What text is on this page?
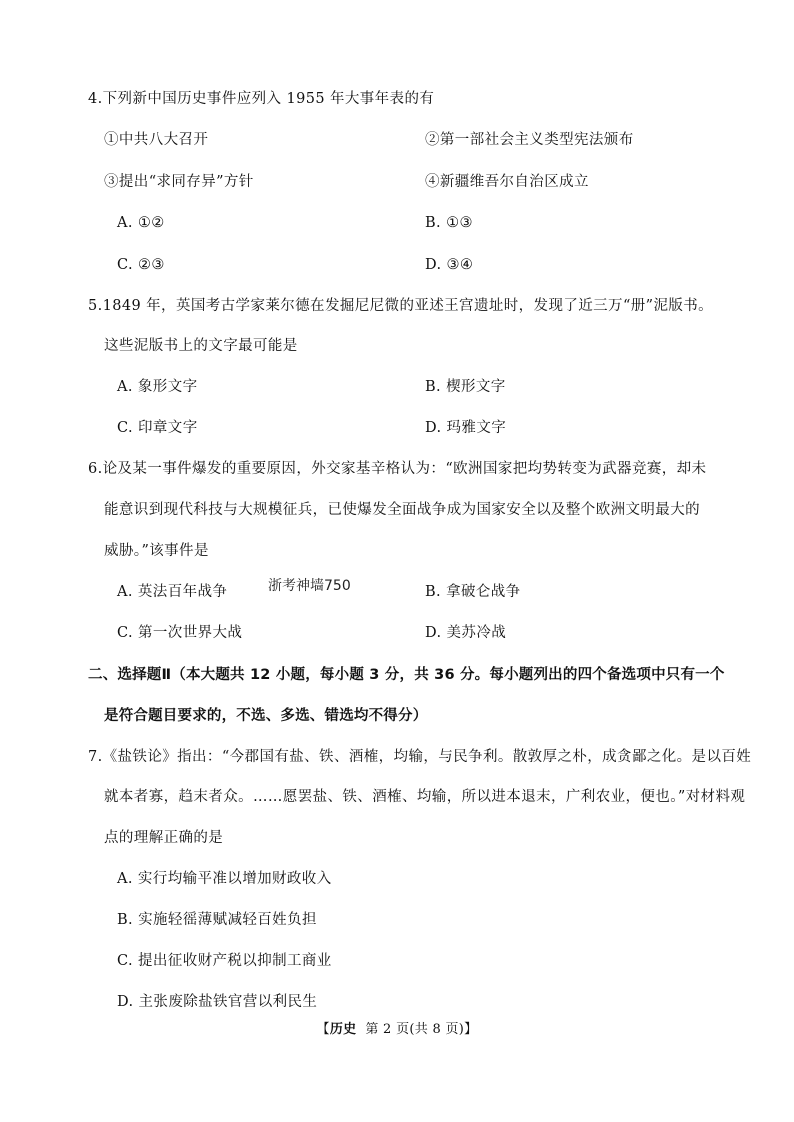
4.下列新中国历史事件应列入 1955 年大事年表的有
①中共八大召开	②第一部社会主义类型宪法颁布
③提出“求同存异”方针	④新疆维吾尔自治区成立
A. ①②	B. ①③
C. ②③	D. ③④
5.1849 年，英国考古学家莱尔德在发掘尼尼微的亚述王宫遗址时，发现了近三万“册”泥版书。
这些泥版书上的文字最可能是
A. 象形文字	B. 楔形文字
C. 印章文字	D. 玛雅文字
6.论及某一事件爆发的重要原因，外交家基辛格认为：“欧洲国家把均势转变为武器竞赛，却未
能意识到现代科技与大规模征兵，已使爆发全面战争成为国家安全以及整个欧洲文明最大的
威胁。”该事件是
A. 英法百年战争	浙考神墙750	B. 拿破仑战争
C. 第一次世界大战	D. 美苏冷战
二、选择题Ⅱ（本大题共 12 小题，每小题 3 分，共 36 分。每小题列出的四个备选项中只有一个
是符合题目要求的，不选、多选、错选均不得分）
7.《盐铁论》指出：“今郡国有盐、铁、酒榷，均输，与民争利。散敦厚之朴，成贪鄙之化。是以百姓
就本者寡，趋末者众。……愿罢盐、铁、酒榷、均输，所以进本退末，广利农业，便也。”对材料观
点的理解正确的是
A. 实行均输平准以增加财政收入
B. 实施轻徭薄赋减轻百姓负担
C. 提出征收财产税以抑制工商业
D. 主张废除盐铁官营以利民生
【历史 第 2 页(共 8 页)】
